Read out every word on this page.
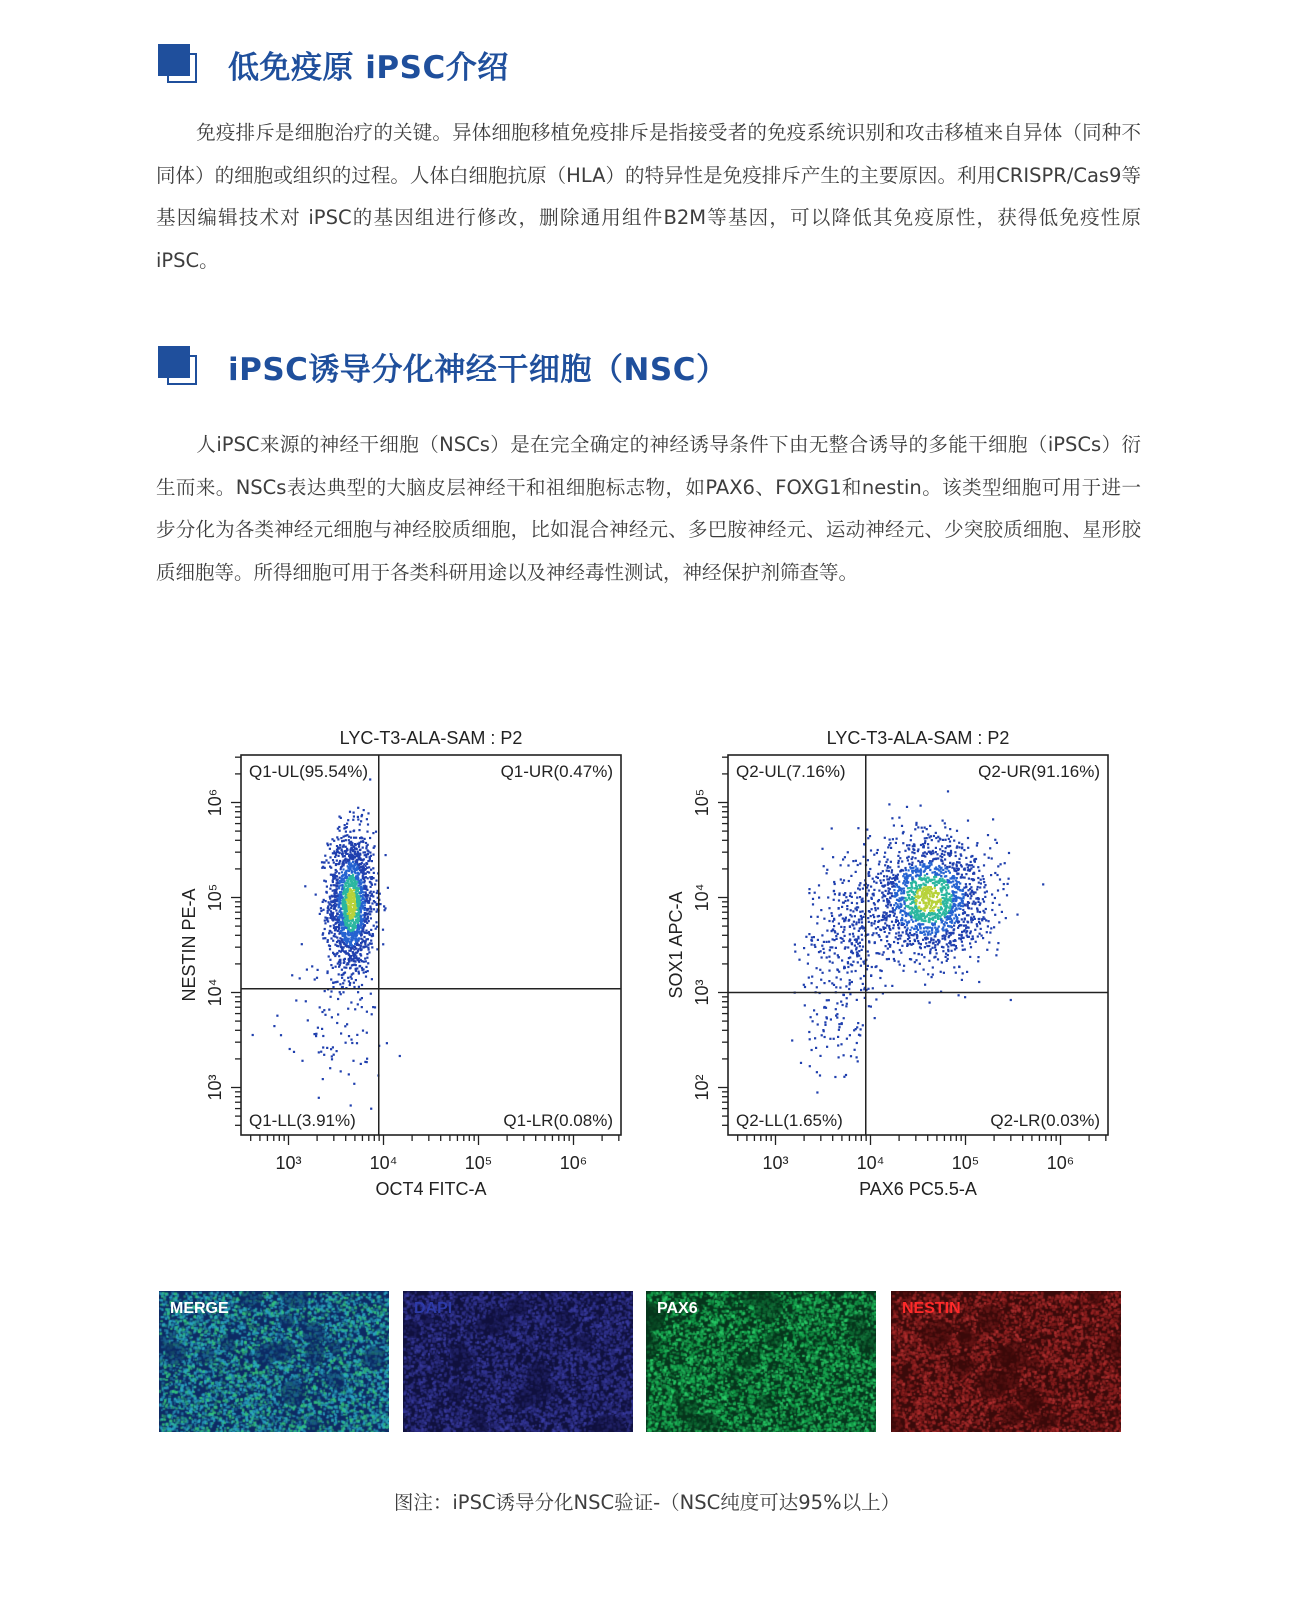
低免疫原 iPSC介绍

免疫排斥是细胞治疗的关键。异体细胞移植免疫排斥是指接受者的免疫系统识别和攻击移植来自异体（同种不同体）的细胞或组织的过程。人体白细胞抗原（HLA）的特异性是免疫排斥产生的主要原因。利用CRISPR/Cas9等基因编辑技术对 iPSC的基因组进行修改，删除通用组件B2M等基因，可以降低其免疫原性，获得低免疫性原iPSC。

iPSC诱导分化神经干细胞（NSC）

人iPSC来源的神经干细胞（NSCs）是在完全确定的神经诱导条件下由无整合诱导的多能干细胞（iPSCs）衍生而来。NSCs表达典型的大脑皮层神经干和祖细胞标志物，如PAX6、FOXG1和nestin。该类型细胞可用于进一步分化为各类神经元细胞与神经胶质细胞，比如混合神经元、多巴胺神经元、运动神经元、少突胶质细胞、星形胶质细胞等。所得细胞可用于各类科研用途以及神经毒性测试，神经保护剂筛查等。

LYC-T3-ALA-SAM : P2
Q1-UL(95.54%)	Q1-UR(0.47%)
Q1-LL(3.91%)	Q1-LR(0.08%)
10³	10⁴	10⁵	10⁶
OCT4 FITC-A
10³
10⁴
10⁵
10⁶
NESTIN PE-A
LYC-T3-ALA-SAM : P2
Q2-UL(7.16%)	Q2-UR(91.16%)
Q2-LL(1.65%)	Q2-LR(0.03%)
10³	10⁴	10⁵	10⁶
PAX6 PC5.5-A
10²
10³
10⁴
10⁵
SOX1 APC-A
MERGE	DAPI	PAX6	NESTIN
图注：iPSC诱导分化NSC验证-（NSC纯度可达95%以上）
